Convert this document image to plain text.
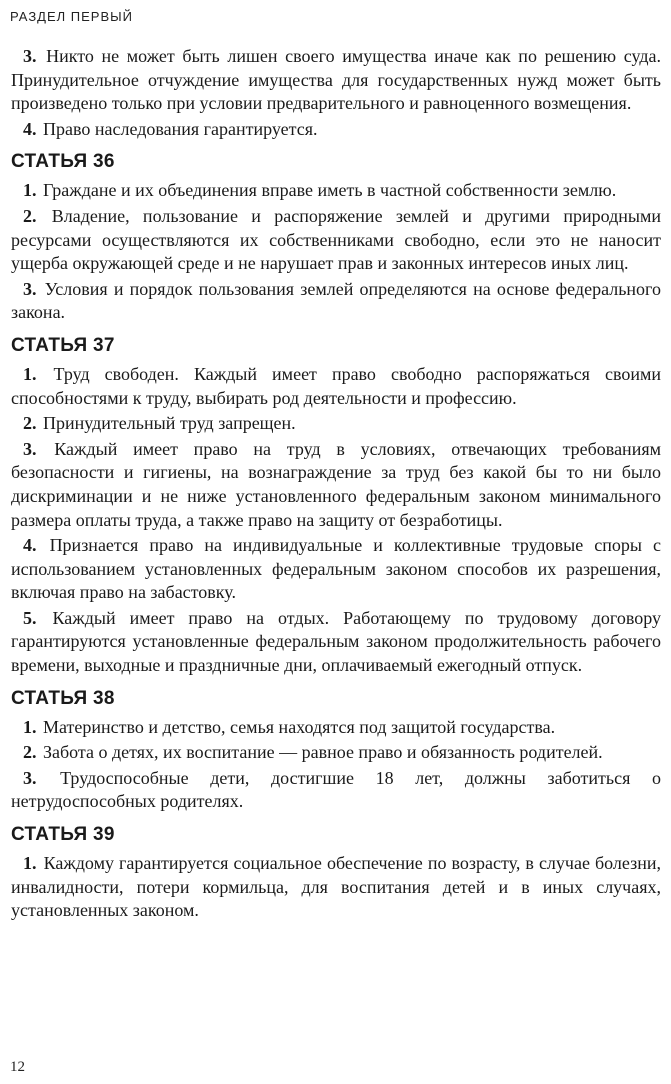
РАЗДЕЛ ПЕРВЫЙ

3. Никто не может быть лишен своего имущества иначе как по решению суда. Принудительное отчуждение имущества для государственных нужд может быть произведено только при условии предварительного и равноценного возмещения.

4. Право наследования гарантируется.

СТАТЬЯ 36

1. Граждане и их объединения вправе иметь в частной собственности землю.

2. Владение, пользование и распоряжение землей и другими природными ресурсами осуществляются их собственниками свободно, если это не наносит ущерба окружающей среде и не нарушает прав и законных интересов иных лиц.

3. Условия и порядок пользования землей определяются на основе федерального закона.

СТАТЬЯ 37

1. Труд свободен. Каждый имеет право свободно распоряжаться своими способностями к труду, выбирать род деятельности и профессию.

2. Принудительный труд запрещен.

3. Каждый имеет право на труд в условиях, отвечающих требованиям безопасности и гигиены, на вознаграждение за труд без какой бы то ни было дискриминации и не ниже установленного федеральным законом минимального размера оплаты труда, а также право на защиту от безработицы.

4. Признается право на индивидуальные и коллективные трудовые споры с использованием установленных федеральным законом способов их разрешения, включая право на забастовку.

5. Каждый имеет право на отдых. Работающему по трудовому договору гарантируются установленные федеральным законом продолжительность рабочего времени, выходные и праздничные дни, оплачиваемый ежегодный отпуск.

СТАТЬЯ 38

1. Материнство и детство, семья находятся под защитой государства.

2. Забота о детях, их воспитание — равное право и обязанность родителей.

3. Трудоспособные дети, достигшие 18 лет, должны заботиться о нетрудоспособных родителях.

СТАТЬЯ 39

1. Каждому гарантируется социальное обеспечение по возрасту, в случае болезни, инвалидности, потери кормильца, для воспитания детей и в иных случаях, установленных законом.

12
